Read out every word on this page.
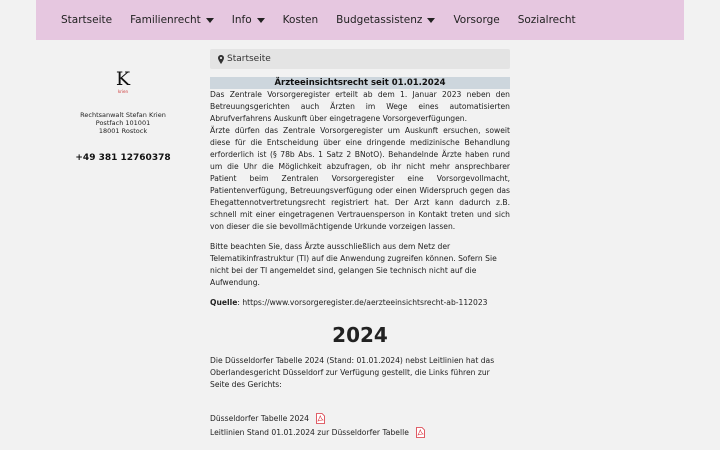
Startseite Familienrecht	Info	Kosten Budgetassistenz	Vorsorge Sozialrecht
K
krien
Rechtsanwalt Stefan Krien
Postfach 101001
18001 Rostock
+49 381 12760378
Startseite
Ärzteeinsichtsrecht seit 01.01.2024

Das Zentrale Vorsorgeregister erteilt ab dem 1. Januar 2023 neben den Betreuungsgerichten auch Ärzten im Wege eines automatisierten Abrufverfahrens Auskunft über eingetragene Vorsorgeverfügungen.

Ärzte dürfen das Zentrale Vorsorgeregister um Auskunft ersuchen, soweit diese für die Entscheidung über eine dringende medizinische Behandlung erforderlich ist (§ 78b Abs. 1 Satz 2 BNotO). Behandelnde Ärzte haben rund um die Uhr die Möglichkeit abzufragen, ob ihr nicht mehr ansprechbarer Patient beim Zentralen Vorsorgeregister eine Vorsorgevollmacht, Patientenverfügung, Betreuungsverfügung oder einen Widerspruch gegen das Ehegattennotvertretungsrecht registriert hat. Der Arzt kann dadurch z.B. schnell mit einer eingetragenen Vertrauensperson in Kontakt treten und sich von dieser die sie bevollmächtigende Urkunde vorzeigen lassen.

Bitte beachten Sie, dass Ärzte ausschließlich aus dem Netz der Telematikinfrastruktur (TI) auf die Anwendung zugreifen können. Sofern Sie nicht bei der TI angemeldet sind, gelangen Sie technisch nicht auf die Aufwendung.

Quelle: https://www.vorsorgeregister.de/aerzteeinsichtsrecht-ab-112023
2024

Die Düsseldorfer Tabelle 2024 (Stand: 01.01.2024) nebst Leitlinien hat das Oberlandesgericht Düsseldorf zur Verfügung gestellt, die Links führen zur Seite des Gerichts:

Düsseldorfer Tabelle 2024
Leitlinien Stand 01.01.2024 zur Düsseldorfer Tabelle
